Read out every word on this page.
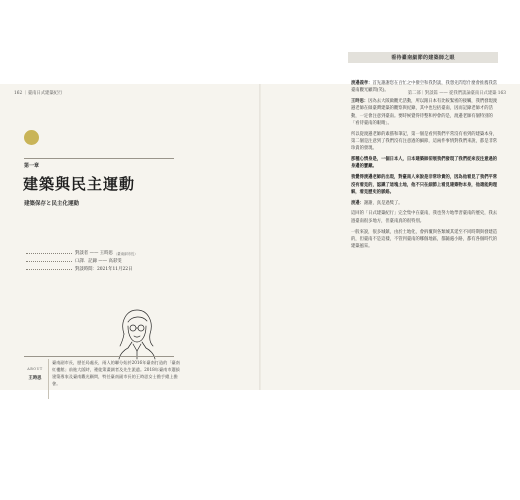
162 ｜臺南日式建築紀行
第一章
建築與民主運動
建築保存と民主化運動
對談者 —— 王時思 （臺南副市長）
口譯．記錄 —— 高彩雯
對談時間：2021年11月22日
ABOUT
王時思
臺南副市長，歷任局處長，兩人的聯分始於2016年臺南打造的「臺南紅樓館」前進大阪時，遷徙策畫調者及先生派遣。2018年臺南市選拔建築專家及臺南觀光顧問，特任臺南副市長的王時思女士擔手總上擔會。
第二部｜對談篇 —— 從我們談論臺南日式建築 163
看待臺南細節的建築師之眼

渡邉義孝：首先謝謝您在百忙之中撥空和我對談，我想先問您什麼會推薦我當臺南觀光顧問(笑)。

王時思：因為去大阪做觀光活動，所以跟日本有比較緊密的接觸，我們發現渡邉老師在做臺灣建築的觀察與紀錄，其中也包括臺南，因而記錄老師才的活動，一定會注意到臺南。要時候覺得待整和停會的是，渡邉老師有個特別的「看待臺南的眼睛」。

所以從渡邉老師的素描和筆記，第一個是看到我們平常沒有看到的建築本身，第二個是注意到了我們沒有注意過的細節，這兩件事情對我們來說，都是非常珍貴的發現。

那種心情身是，一個日本人，日本建築師卻展我們發現了我們從來沒注意過的身邊的寶藏。

我覺得渡邉老師的出現，對臺南人來說是非常珍貴的，因為他看見了我們平常沒有看見的，認識了這塊土地，他不只在細節上看見建築物本身，他還能夠理解，看見歷史的脈絡。

渡邉：謝謝，真是過獎了。

這回的「日式建築紀行」完全集中在臺南，我也努力地學習臺南的歷史，我去過臺南很多地方，但臺南真的很特別。

一般來說，很多城鎮，由於土地化，會拆覆與各類城其延至不同時期與發建造的，但臺南不是這樣，不管到臺南的哪個地區，都隨處小路，都有各個時代的建築風采。
